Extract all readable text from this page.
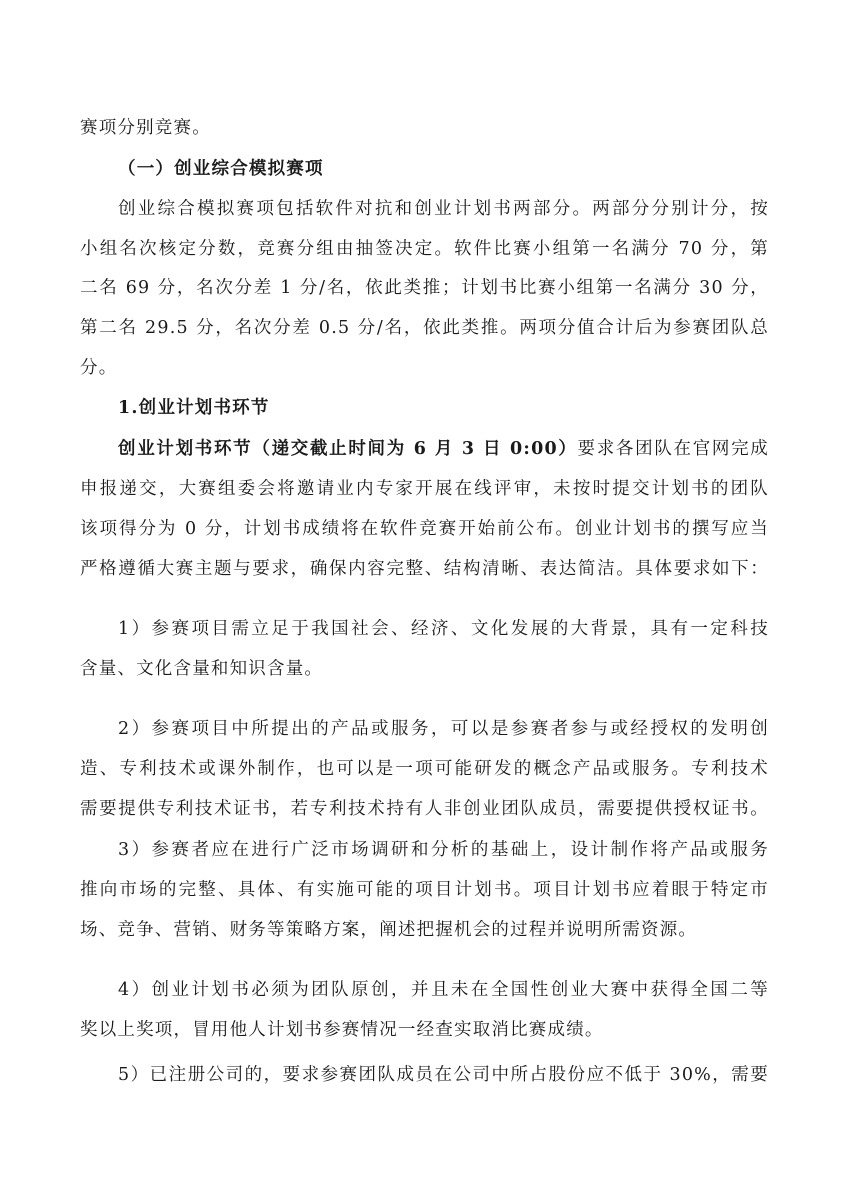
赛项分别竞赛。
（一）创业综合模拟赛项
创业综合模拟赛项包括软件对抗和创业计划书两部分。两部分分别计分，按
小组名次核定分数，竞赛分组由抽签决定。软件比赛小组第一名满分 70 分，第
二名 69 分，名次分差 1 分/名，依此类推；计划书比赛小组第一名满分 30 分，
第二名 29.5 分，名次分差 0.5 分/名，依此类推。两项分值合计后为参赛团队总
分。
1.创业计划书环节
创业计划书环节（递交截止时间为 6 月 3 日 0:00）要求各团队在官网完成
申报递交，大赛组委会将邀请业内专家开展在线评审，未按时提交计划书的团队
该项得分为 0 分，计划书成绩将在软件竞赛开始前公布。创业计划书的撰写应当
严格遵循大赛主题与要求，确保内容完整、结构清晰、表达简洁。具体要求如下：
1）参赛项目需立足于我国社会、经济、文化发展的大背景，具有一定科技
含量、文化含量和知识含量。
2）参赛项目中所提出的产品或服务，可以是参赛者参与或经授权的发明创
造、专利技术或课外制作，也可以是一项可能研发的概念产品或服务。专利技术
需要提供专利技术证书，若专利技术持有人非创业团队成员，需要提供授权证书。
3）参赛者应在进行广泛市场调研和分析的基础上，设计制作将产品或服务
推向市场的完整、具体、有实施可能的项目计划书。项目计划书应着眼于特定市
场、竞争、营销、财务等策略方案，阐述把握机会的过程并说明所需资源。
4）创业计划书必须为团队原创，并且未在全国性创业大赛中获得全国二等
奖以上奖项，冒用他人计划书参赛情况一经查实取消比赛成绩。
5）已注册公司的，要求参赛团队成员在公司中所占股份应不低于 30%，需要
